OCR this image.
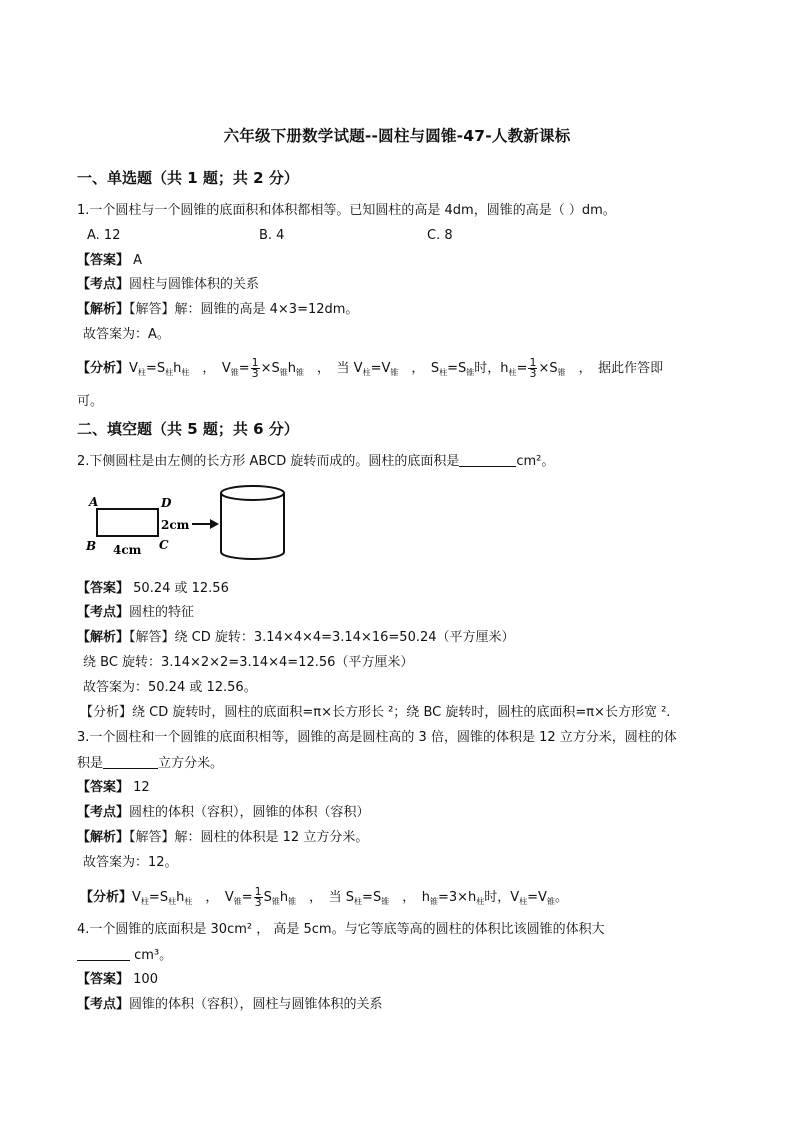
六年级下册数学试题--圆柱与圆锥-47-人教新课标
一、单选题（共 1 题；共 2 分）
1.一个圆柱与一个圆锥的底面积和体积都相等。已知圆柱的高是 4dm，圆锥的高是（ ）dm。
A. 12	B. 4	C. 8
【答案】 A
【考点】圆柱与圆锥体积的关系
【解析】【解答】解：圆锥的高是 4×3=12dm。
故答案为：A。
【分析】$V_柱=S_柱h_柱$　，　$V_锥= \frac{1}{3} \times S_锥h_锥$　，　当 $V_柱=V_锥$　，　$S_柱=S_锥$时，$h_柱= \frac{1}{3} \times S_锥$　，　据此作答即
可。
二、填空题（共 5 题；共 6 分）
2.下侧圆柱是由左侧的长方形 ABCD 旋转而成的。圆柱的底面积是	cm²。
A	D
B	C
2cm
4cm
【答案】 50.24 或 12.56
【考点】圆柱的特征
【解析】【解答】绕 CD 旋转：3.14×4×4=3.14×16=50.24（平方厘米）
绕 BC 旋转：3.14×2×2=3.14×4=12.56（平方厘米）
故答案为：50.24 或 12.56。
【分析】绕 CD 旋转时，圆柱的底面积=π×长方形长 ²；绕 BC 旋转时，圆柱的底面积=π×长方形宽 ².
3.一个圆柱和一个圆锥的底面积相等，圆锥的高是圆柱高的 3 倍，圆锥的体积是 12 立方分米，圆柱的体
积是	立方分米。
【答案】 12
【考点】圆柱的体积（容积），圆锥的体积（容积）
【解析】【解答】解：圆柱的体积是 12 立方分米。
故答案为：12。
【分析】$V_柱=S_柱h_柱$　，　$V_锥= \frac{1}{3} S_锥h_锥$　，　当 $S_柱=S_锥$　，　$h_锥=3\times h_柱$时，$V_柱=V_锥$。
4.一个圆锥的底面积是 30cm² ， 高是 5cm。与它等底等高的圆柱的体积比该圆锥的体积大
cm³。
【答案】 100
【考点】圆锥的体积（容积），圆柱与圆锥体积的关系
